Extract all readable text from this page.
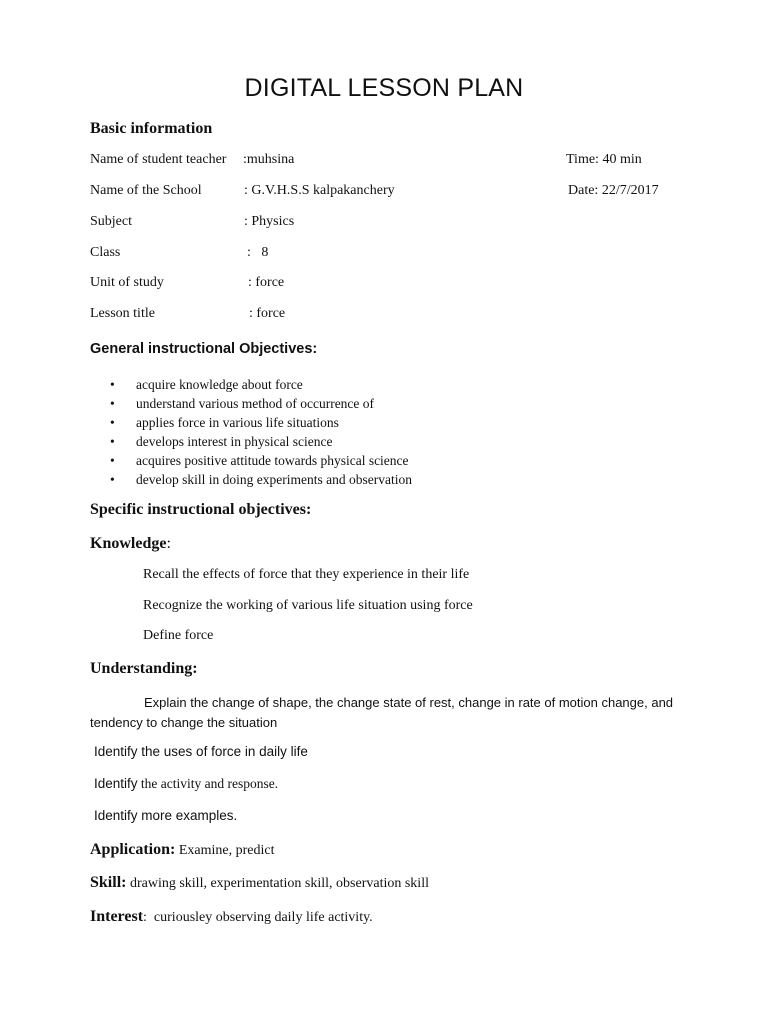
DIGITAL LESSON PLAN
Basic information
Name of student teacher :muhsina	Time: 40 min
Name of the School	: G.V.H.S.S kalpakanchery	Date: 22/7/2017
Subject	: Physics
Class	:   8
Unit of study	: force
Lesson title	: force
General instructional Objectives:
• acquire knowledge about force
• understand various method of occurrence of
• applies force in various life situations
• develops interest in physical science
• acquires positive attitude towards physical science
• develop skill in doing experiments and observation
Specific instructional objectives:
Knowledge:
Recall the effects of force that they experience in their life
Recognize the working of various life situation using force
Define force
Understanding:
Explain the change of shape, the change state of rest, change in rate of motion change, and tendency to change the situation
Identify the uses of force in daily life
Identify the activity and response.
Identify more examples.
Application: Examine, predict
Skill: drawing skill, experimentation skill, observation skill
Interest:  curiousley observing daily life activity.
